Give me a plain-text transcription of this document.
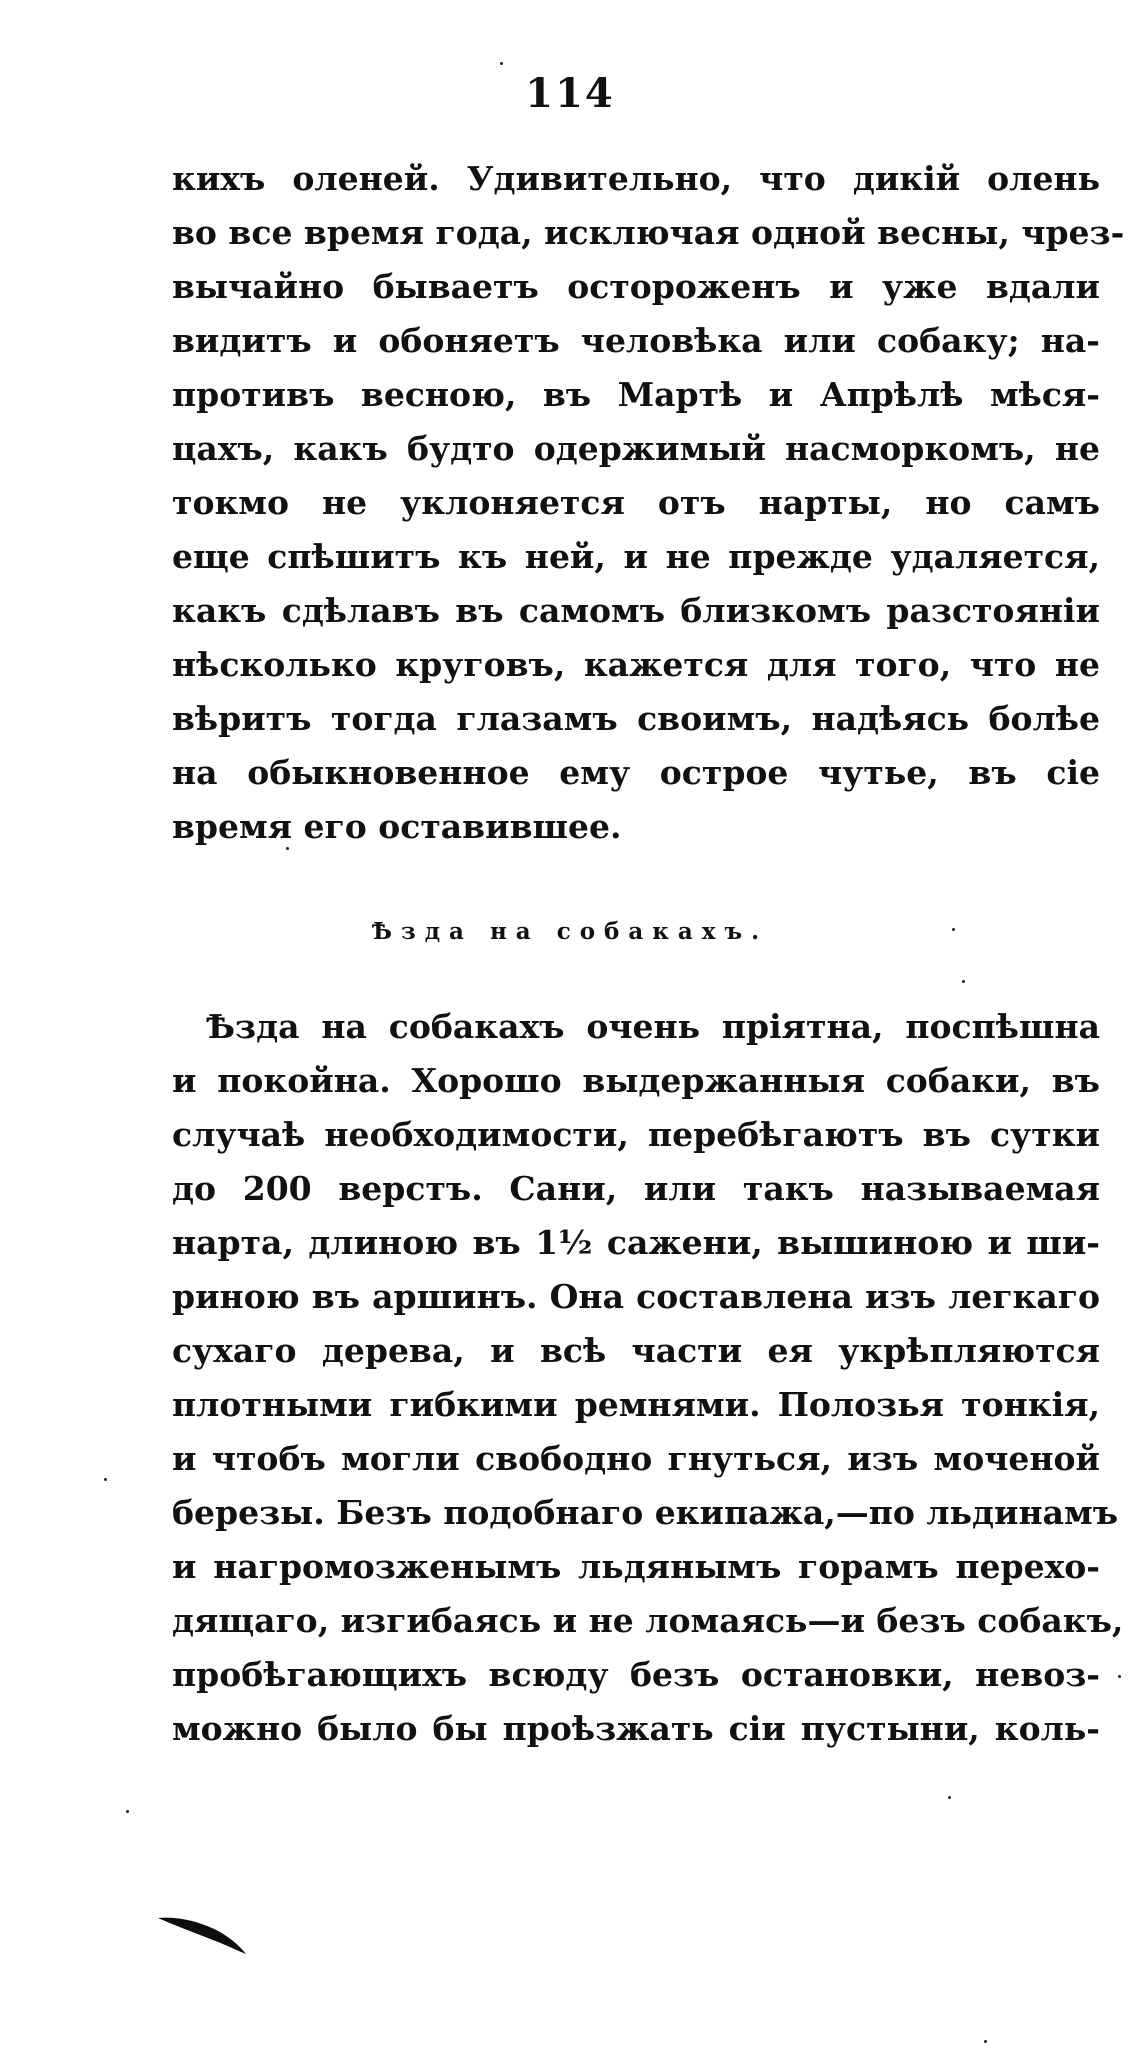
114
кихъ оленей. Удивительно, что дикій олень
во все время года, исключая одной весны, чрез-
вычайно бываетъ остороженъ и уже вдали
видитъ и обоняетъ человѣка или собаку; на-
противъ весною, въ Мартѣ и Апрѣлѣ мѣся-
цахъ, какъ будто одержимый насморкомъ, не
токмо не уклоняется отъ нарты, но самъ
еще спѣшитъ къ ней, и не прежде удаляется,
какъ сдѣлавъ въ самомъ близкомъ разстояніи
нѣсколько круговъ, кажется для того, что не
вѣритъ тогда глазамъ своимъ, надѣясь болѣе
на обыкновенное ему острое чутье, въ сіе
время его оставившее.
Ѣзда на собакахъ.
Ѣзда на собакахъ очень пріятна, поспѣшна
и покойна. Хорошо выдержанныя собаки, въ
случаѣ необходимости, перебѣгаютъ въ сутки
до 200 верстъ. Сани, или такъ называемая
нарта, длиною въ 1½ сажени, вышиною и ши-
риною въ аршинъ. Она составлена изъ легкаго
сухаго дерева, и всѣ части ея укрѣпляются
плотными гибкими ремнями. Полозья тонкія,
и чтобъ могли свободно гнуться, изъ моченой
березы. Безъ подобнаго екипажа,—по льдинамъ
и нагромозженымъ льдянымъ горамъ перехо-
дящаго, изгибаясь и не ломаясь—и безъ собакъ,
пробѣгающихъ всюду безъ остановки, невоз-
можно было бы проѣзжать сіи пустыни, коль-
